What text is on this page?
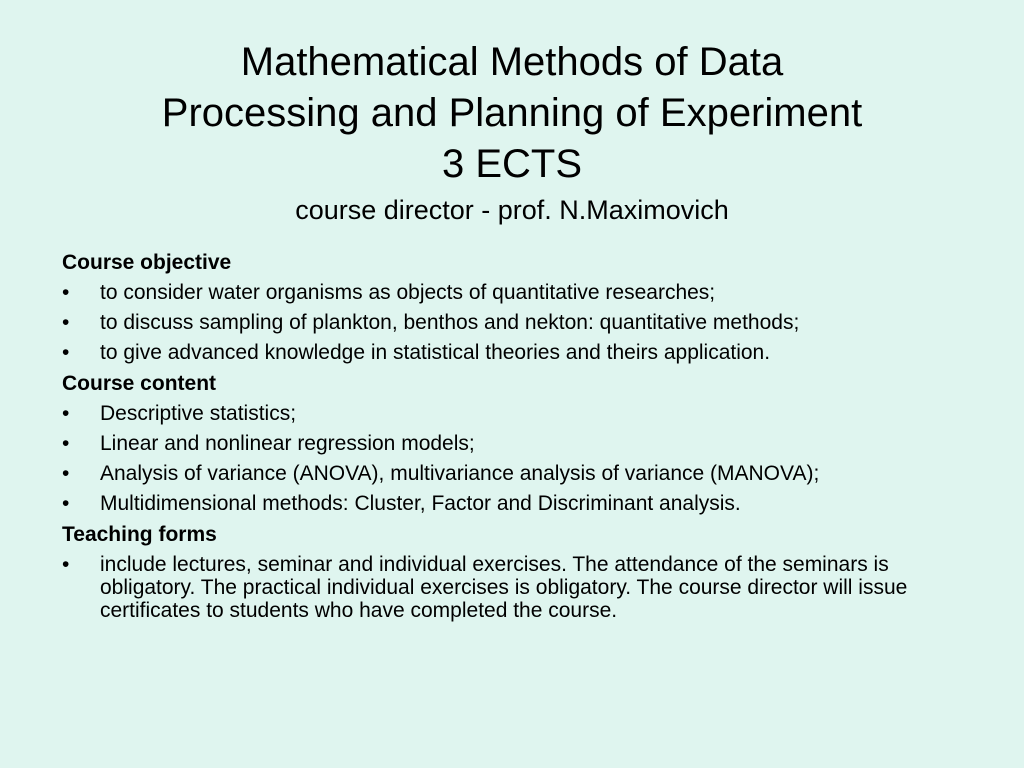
Mathematical Methods of Data
Processing and Planning of Experiment
3 ECTS
course director - prof. N.Maximovich
Course objective
• to consider water organisms as objects of quantitative researches;
• to discuss sampling of plankton, benthos and nekton: quantitative methods;
• to give advanced knowledge in statistical theories and theirs application.
Course content
• Descriptive statistics;
• Linear and nonlinear regression models;
• Analysis of variance (ANOVA), multivariance analysis of variance (MANOVA);
• Multidimensional methods: Cluster, Factor and Discriminant analysis.
Teaching forms
• include lectures, seminar and individual exercises. The attendance of the seminars is obligatory. The practical individual exercises is obligatory. The course director will issue certificates to students who have completed the course.
